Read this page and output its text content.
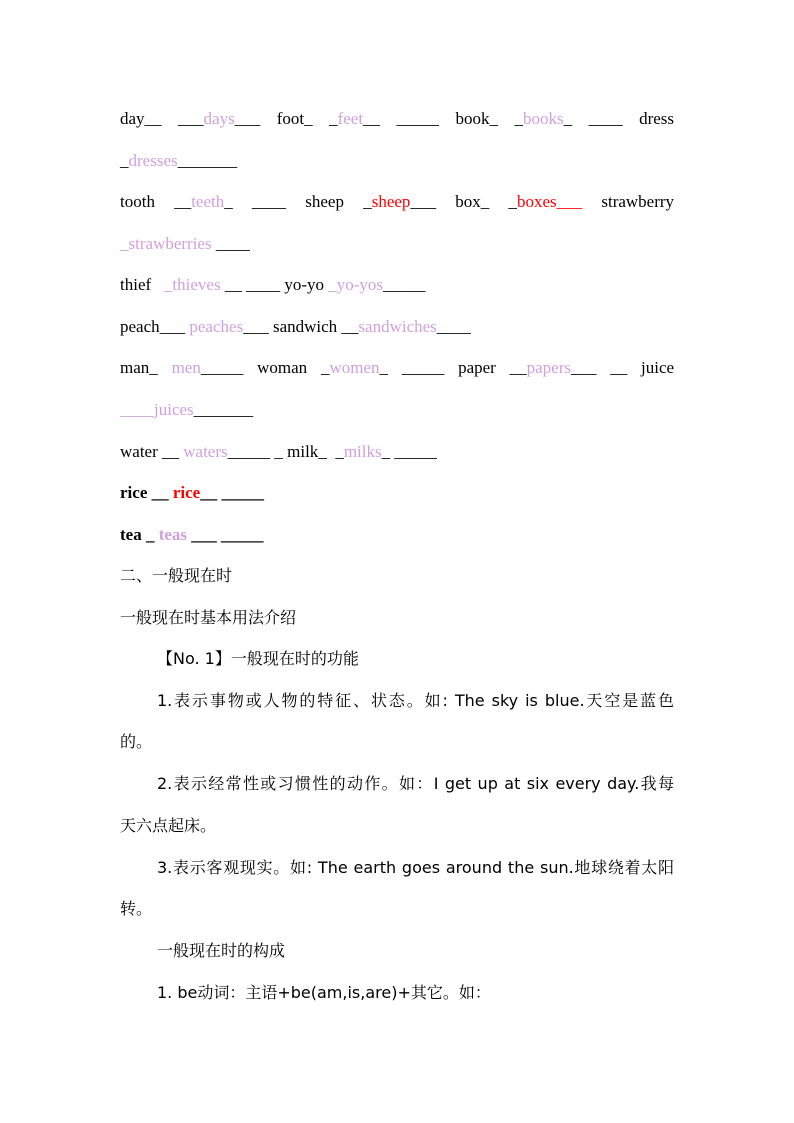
day__ ___days___ foot_ _feet__ _____ book_ _books_ ____ dress
_dresses_______
tooth __teeth_ ____ sheep _sheep___ box_ _boxes___ strawberry
_strawberries ____
thief   _thieves __ ____ yo-yo _yo-yos_____
peach___ peaches___ sandwich __sandwiches____
man_ men_____ woman _women_ _____ paper __papers___ __ juice
____juices_______
water __ waters_____ _ milk_  _milks_ _____
rice __ rice__ _____
tea _ teas ___ _____
二、一般现在时
一般现在时基本用法介绍
【No. 1】一般现在时的功能
1.表示事物或人物的特征、状态。如: The sky is blue.天空是蓝色
的。
2.表示经常性或习惯性的动作。如：I get up at six every day.我每
天六点起床。
3.表示客观现实。如: The earth goes around the sun.地球绕着太阳
转。
一般现在时的构成
1. be动词：主语+be(am,is,are)+其它。如：
